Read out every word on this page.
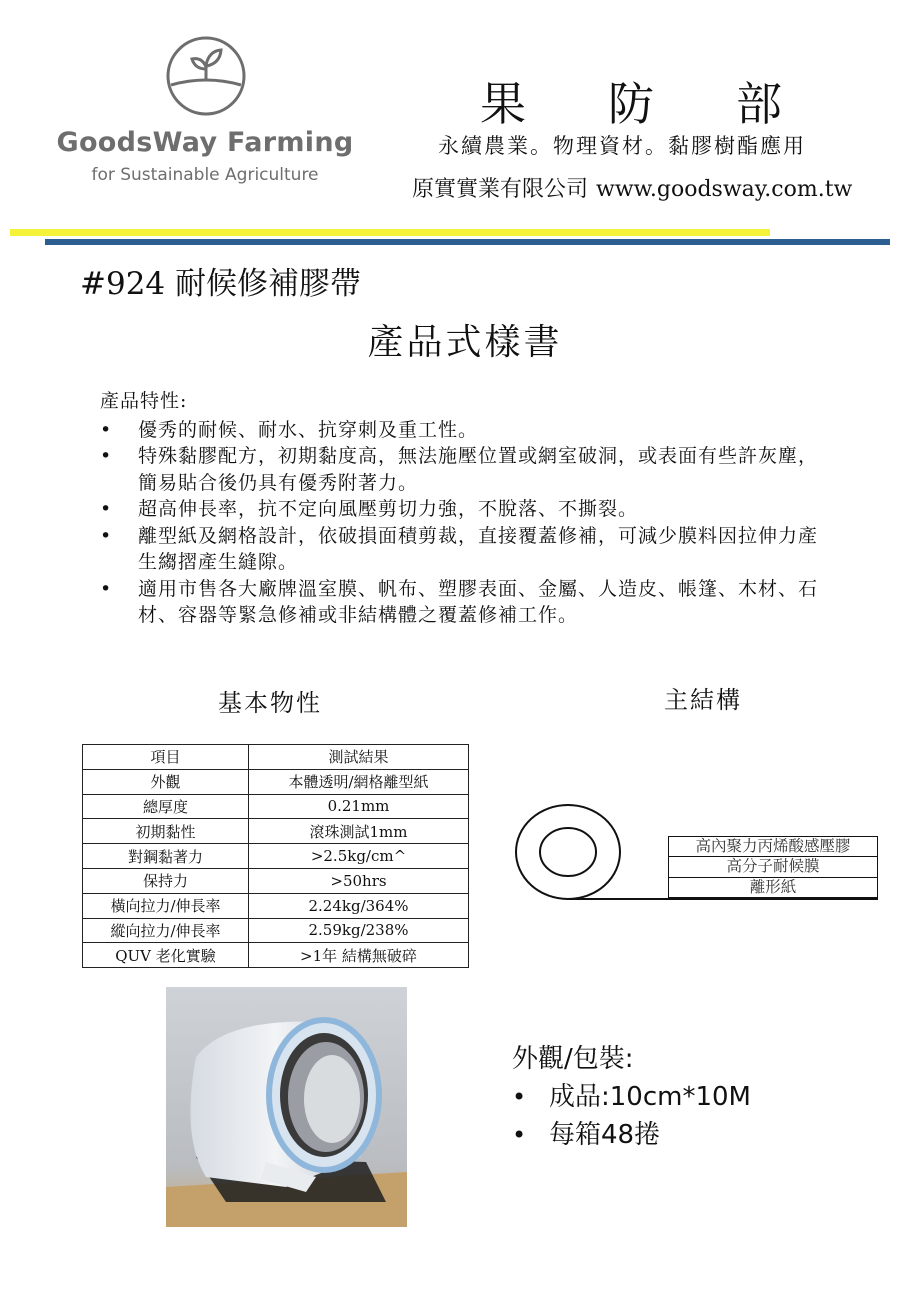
GoodsWay Farming
for Sustainable Agriculture
果防部
永續農業。物理資材。黏膠樹酯應用
原實實業有限公司 www.goodsway.com.tw
#924 耐候修補膠帶
產品式樣書
產品特性:
• 優秀的耐候、耐水、抗穿刺及重工性。
• 特殊黏膠配方，初期黏度高，無法施壓位置或網室破洞，或表面有些許灰塵，簡易貼合後仍具有優秀附著力。
• 超高伸長率，抗不定向風壓剪切力強，不脫落、不撕裂。
• 離型紙及網格設計，依破損面積剪裁，直接覆蓋修補，可減少膜料因拉伸力產生縐摺產生縫隙。
• 適用市售各大廠牌溫室膜、帆布、塑膠表面、金屬、人造皮、帳篷、木材、石材、容器等緊急修補或非結構體之覆蓋修補工作。
基本物性	主結構
項目	測試結果
外觀	本體透明/網格離型紙
總厚度	0.21mm
初期黏性	滾珠測試1mm
對鋼黏著力	>2.5kg/cm^
保持力	>50hrs
橫向拉力/伸長率	2.24kg/364%
縱向拉力/伸長率	2.59kg/238%
QUV 老化實驗	>1年 結構無破碎
高內聚力丙烯酸感壓膠
高分子耐候膜
離形紙
外觀/包裝:
• 成品:10cm*10M
• 每箱48捲
